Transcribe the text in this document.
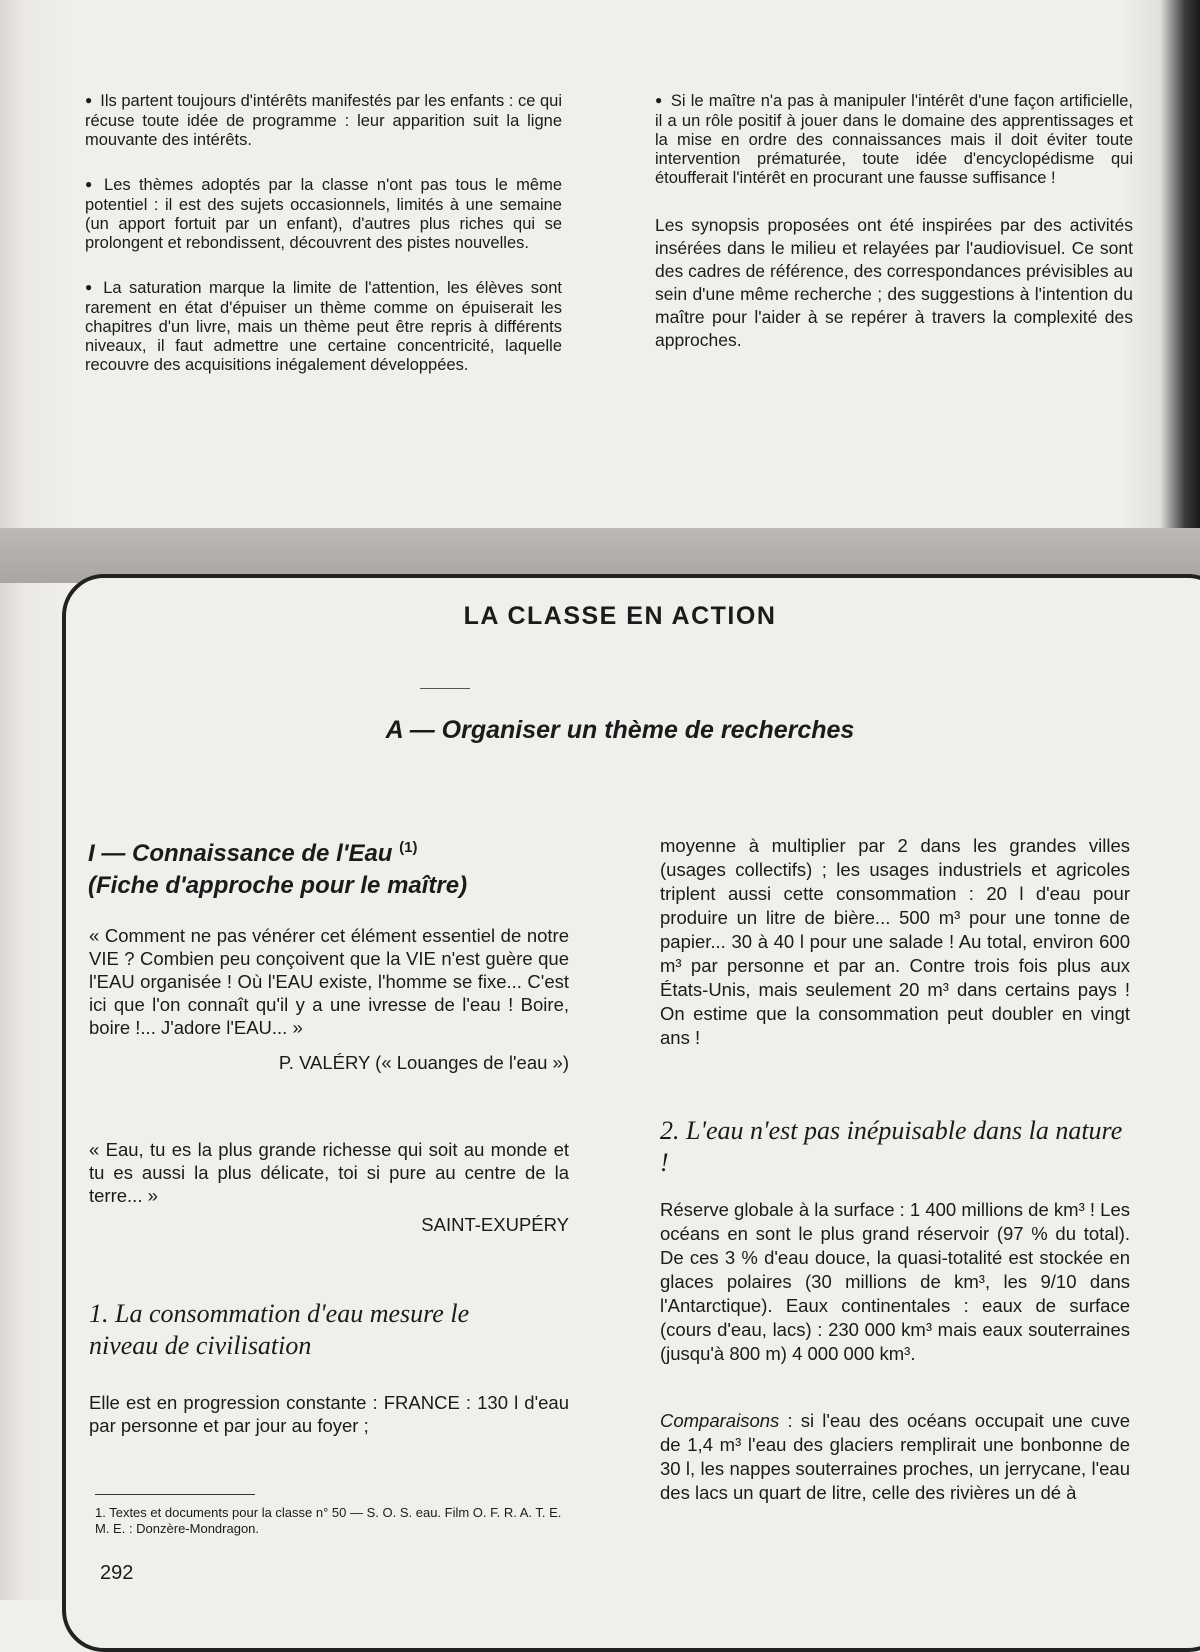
● Ils partent toujours d'intérêts manifestés par les enfants : ce qui récuse toute idée de programme : leur apparition suit la ligne mouvante des intérêts.

● Les thèmes adoptés par la classe n'ont pas tous le même potentiel : il est des sujets occasionnels, limités à une semaine (un apport fortuit par un enfant), d'autres plus riches qui se prolongent et rebondissent, découvrent des pistes nouvelles.

● La saturation marque la limite de l'attention, les élèves sont rarement en état d'épuiser un thème comme on épuiserait les chapitres d'un livre, mais un thème peut être repris à différents niveaux, il faut admettre une certaine concentricité, laquelle recouvre des acquisitions inégalement développées.

● Si le maître n'a pas à manipuler l'intérêt d'une façon artificielle, il a un rôle positif à jouer dans le domaine des apprentissages et la mise en ordre des connaissances mais il doit éviter toute intervention prématurée, toute idée d'encyclopédisme qui étoufferait l'intérêt en procurant une fausse suffisance !

Les synopsis proposées ont été inspirées par des activités insérées dans le milieu et relayées par l'audiovisuel. Ce sont des cadres de référence, des correspondances prévisibles au sein d'une même recherche ; des suggestions à l'intention du maître pour l'aider à se repérer à travers la complexité des approches.

LA CLASSE EN ACTION
A — Organiser un thème de recherches
I — Connaissance de l'Eau $^{(1)}$
(Fiche d'approche pour le maître)
« Comment ne pas vénérer cet élément essentiel de notre VIE ? Combien peu conçoivent que la VIE n'est guère que l'EAU organisée ! Où l'EAU existe, l'homme se fixe... C'est ici que l'on connaît qu'il y a une ivresse de l'eau ! Boire, boire !... J'adore l'EAU... »
P. VALÉRY (« Louanges de l'eau »)
« Eau, tu es la plus grande richesse qui soit au monde et tu es aussi la plus délicate, toi si pure au centre de la terre... »
SAINT-EXUPÉRY
1. La consommation d'eau mesure le niveau de civilisation
Elle est en progression constante : FRANCE : 130 l d'eau par personne et par jour au foyer ;
moyenne à multiplier par 2 dans les grandes villes (usages collectifs) ; les usages industriels et agricoles triplent aussi cette consommation : 20 l d'eau pour produire un litre de bière... 500 m³ pour une tonne de papier... 30 à 40 l pour une salade ! Au total, environ 600 m³ par personne et par an. Contre trois fois plus aux États-Unis, mais seulement 20 m³ dans certains pays ! On estime que la consommation peut doubler en vingt ans !
2. L'eau n'est pas inépuisable dans la nature !
Réserve globale à la surface : 1 400 millions de km³ ! Les océans en sont le plus grand réservoir (97 % du total). De ces 3 % d'eau douce, la quasi-totalité est stockée en glaces polaires (30 millions de km³, les 9/10 dans l'Antarctique). Eaux continentales : eaux de surface (cours d'eau, lacs) : 230 000 km³ mais eaux souterraines (jusqu'à 800 m) 4 000 000 km³.
Comparaisons : si l'eau des océans occupait une cuve de 1,4 m³ l'eau des glaciers remplirait une bonbonne de 30 l, les nappes souterraines proches, un jerrycane, l'eau des lacs un quart de litre, celle des rivières un dé à
1. Textes et documents pour la classe n° 50 — S. O. S. eau. Film O. F. R. A. T. E. M. E. : Donzère-Mondragon.
292
